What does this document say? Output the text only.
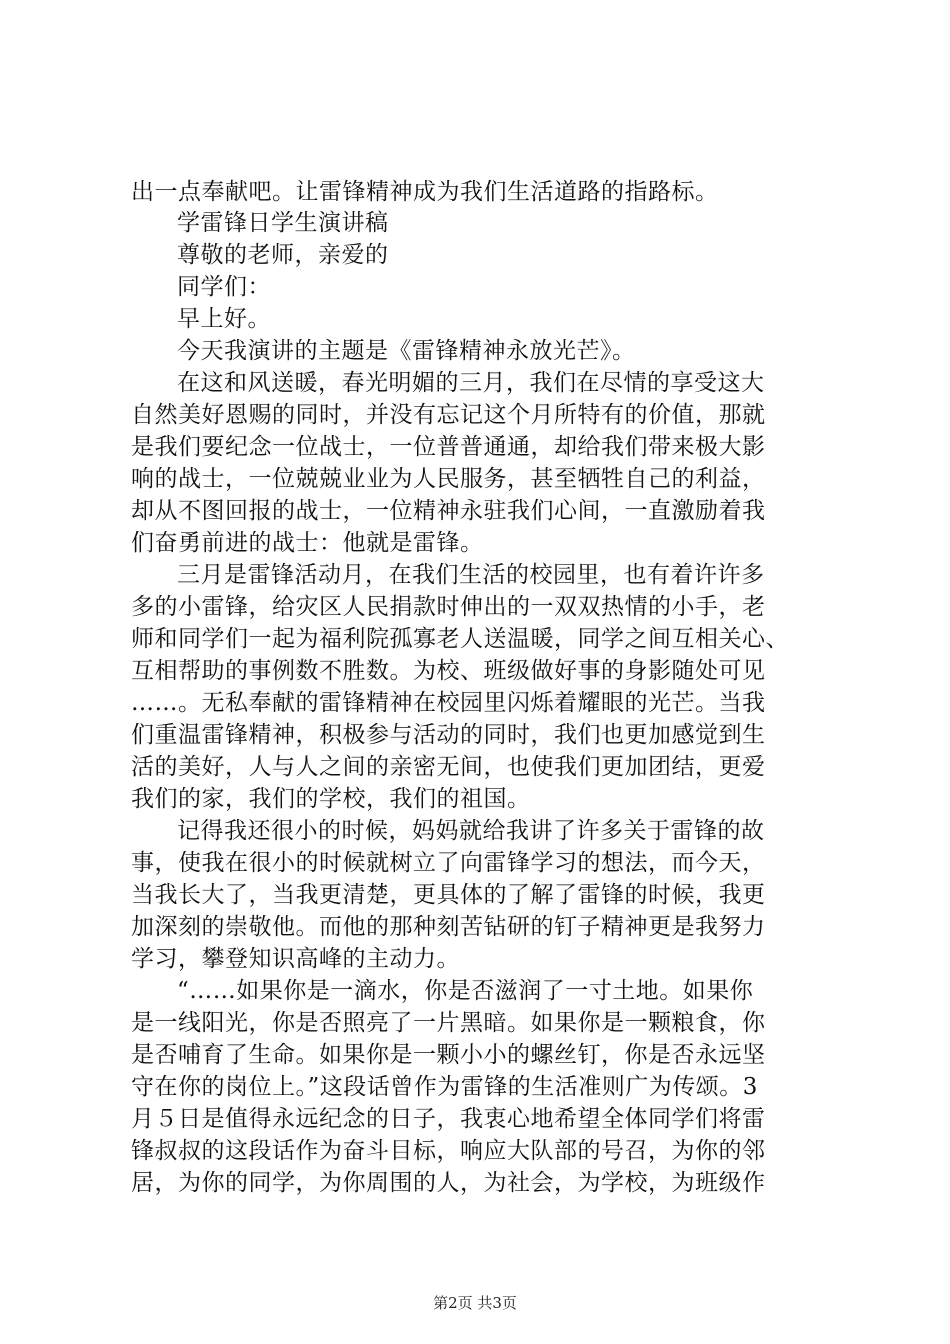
出一点奉献吧。让雷锋精神成为我们生活道路的指路标。
学雷锋日学生演讲稿
尊敬的老师，亲爱的
同学们：
早上好。
今天我演讲的主题是《雷锋精神永放光芒》。
在这和风送暖，春光明媚的三月，我们在尽情的享受这大
自然美好恩赐的同时，并没有忘记这个月所特有的价值，那就
是我们要纪念一位战士，一位普普通通，却给我们带来极大影
响的战士，一位兢兢业业为人民服务，甚至牺牲自己的利益，
却从不图回报的战士，一位精神永驻我们心间，一直激励着我
们奋勇前进的战士：他就是雷锋。
三月是雷锋活动月，在我们生活的校园里，也有着许许多
多的小雷锋，给灾区人民捐款时伸出的一双双热情的小手，老
师和同学们一起为福利院孤寡老人送温暖，同学之间互相关心、
互相帮助的事例数不胜数。为校、班级做好事的身影随处可见
……。无私奉献的雷锋精神在校园里闪烁着耀眼的光芒。当我
们重温雷锋精神，积极参与活动的同时，我们也更加感觉到生
活的美好，人与人之间的亲密无间，也使我们更加团结，更爱
我们的家，我们的学校，我们的祖国。
记得我还很小的时候，妈妈就给我讲了许多关于雷锋的故
事，使我在很小的时候就树立了向雷锋学习的想法，而今天，
当我长大了，当我更清楚，更具体的了解了雷锋的时候，我更
加深刻的崇敬他。而他的那种刻苦钻研的钉子精神更是我努力
学习，攀登知识高峰的主动力。
“……如果你是一滴水，你是否滋润了一寸土地。如果你
是一线阳光，你是否照亮了一片黑暗。如果你是一颗粮食，你
是否哺育了生命。如果你是一颗小小的螺丝钉，你是否永远坚
守在你的岗位上。”这段话曾作为雷锋的生活准则广为传颂。3
月５日是值得永远纪念的日子，我衷心地希望全体同学们将雷
锋叔叔的这段话作为奋斗目标，响应大队部的号召，为你的邻
居，为你的同学，为你周围的人，为社会，为学校，为班级作
第2页 共3页
